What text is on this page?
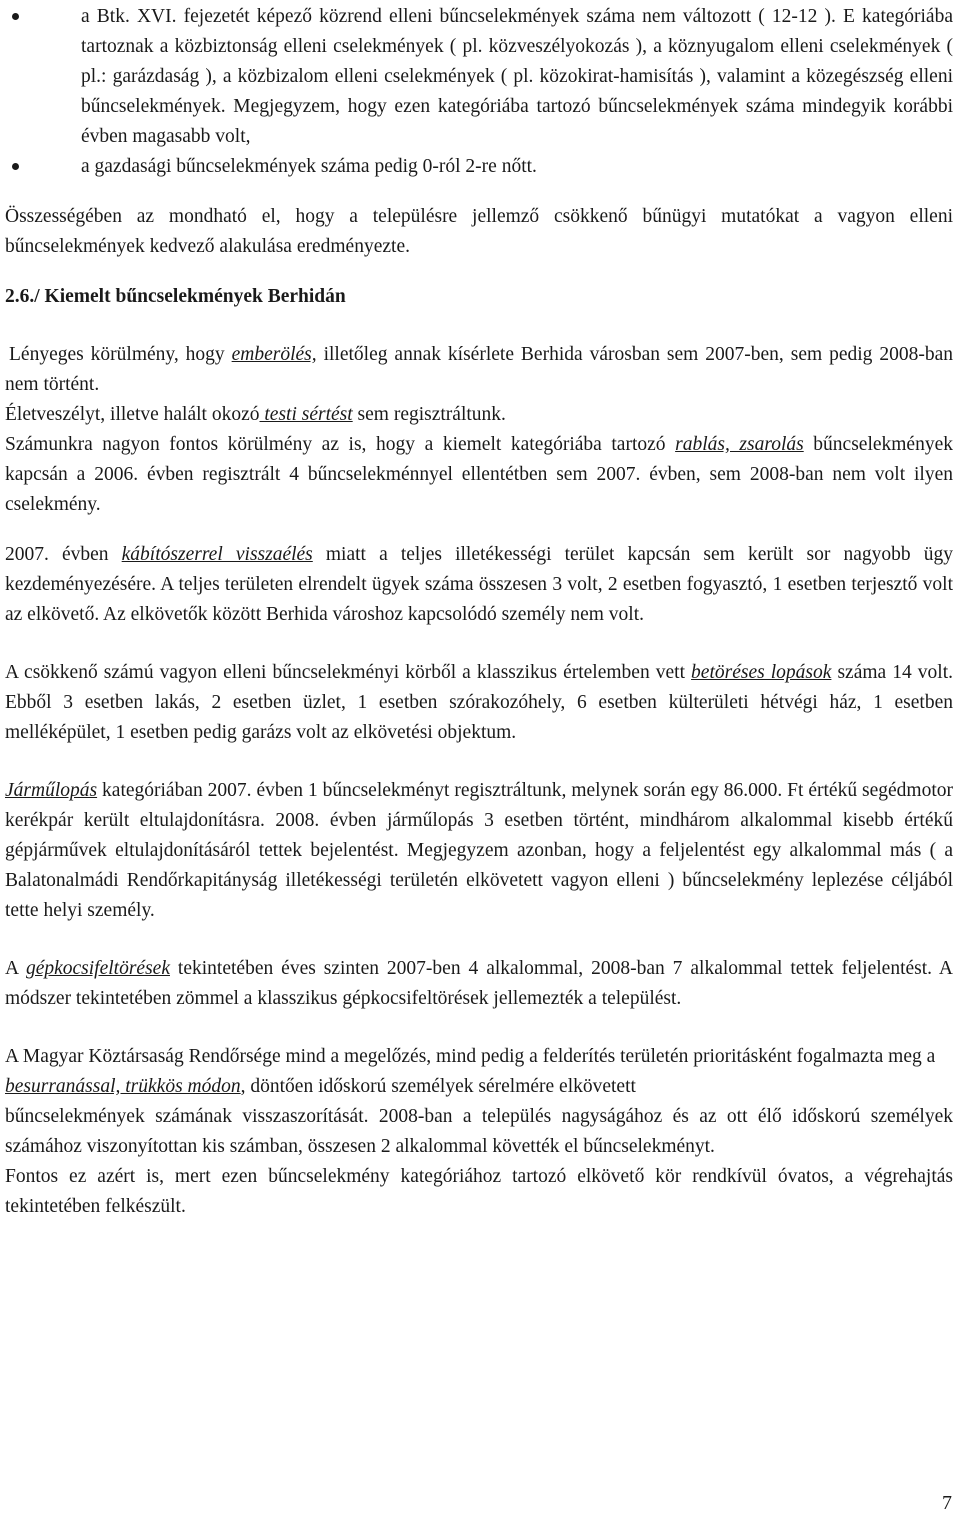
a Btk. XVI. fejezetét képező közrend elleni bűncselekmények száma nem változott ( 12-12 ). E kategóriába tartoznak a közbiztonság elleni cselekmények ( pl. közveszélyokozás ), a köznyugalom elleni cselekmények ( pl.: garázdaság ), a közbizalom elleni cselekmények ( pl. közokirat-hamisítás ), valamint a közegészség elleni bűncselekmények. Megjegyzem, hogy ezen kategóriába tartozó bűncselekmények száma mindegyik korábbi évben magasabb volt,
a gazdasági bűncselekmények száma pedig 0-ról 2-re nőtt.

Összességében az mondható el, hogy a településre jellemző csökkenő bűnügyi mutatókat a vagyon elleni bűncselekmények kedvező alakulása eredményezte.

2.6./ Kiemelt bűncselekmények Berhidán

Lényeges körülmény, hogy emberölés, illetőleg annak kísérlete Berhida városban sem 2007-ben, sem pedig 2008-ban nem történt.

Életveszélyt, illetve halált okozó testi sértést sem regisztráltunk.

Számunkra nagyon fontos körülmény az is, hogy a kiemelt kategóriába tartozó rablás, zsarolás bűncselekmények kapcsán a 2006. évben regisztrált 4 bűncselekménnyel ellentétben sem 2007. évben, sem 2008-ban nem volt ilyen cselekmény.

2007. évben kábítószerrel visszaélés miatt a teljes illetékességi terület kapcsán sem került sor nagyobb ügy kezdeményezésére. A teljes területen elrendelt ügyek száma összesen 3 volt, 2 esetben fogyasztó, 1 esetben terjesztő volt az elkövető. Az elkövetők között Berhida városhoz kapcsolódó személy nem volt.

A csökkenő számú vagyon elleni bűncselekményi körből a klasszikus értelemben vett betöréses lopások száma 14 volt. Ebből 3 esetben lakás, 2 esetben üzlet, 1 esetben szórakozóhely, 6 esetben külterületi hétvégi ház, 1 esetben melléképület, 1 esetben pedig garázs volt az elkövetési objektum.

Járműlopás kategóriában 2007. évben 1 bűncselekményt regisztráltunk, melynek során egy 86.000. Ft értékű segédmotor kerékpár került eltulajdonításra. 2008. évben járműlopás 3 esetben történt, mindhárom alkalommal kisebb értékű gépjárművek eltulajdonításáról tettek bejelentést. Megjegyzem azonban, hogy a feljelentést egy alkalommal más ( a Balatonalmádi Rendőrkapitányság illetékességi területén elkövetett vagyon elleni ) bűncselekmény leplezése céljából tette helyi személy.

A gépkocsifeltörések tekintetében éves szinten 2007-ben 4 alkalommal, 2008-ban 7 alkalommal tettek feljelentést. A módszer tekintetében zömmel a klasszikus gépkocsifeltörések jellemezték a települést.

A Magyar Köztársaság Rendőrsége mind a megelőzés, mind pedig a felderítés területén prioritásként fogalmazta meg a besurranással, trükkös módon, döntően időskorú személyek sérelmére elkövetett

bűncselekmények számának visszaszorítását. 2008-ban a település nagyságához és az ott élő időskorú személyek számához viszonyítottan kis számban, összesen 2 alkalommal követték el bűncselekményt.

Fontos ez azért is, mert ezen bűncselekmény kategóriához tartozó elkövető kör rendkívül óvatos, a végrehajtás tekintetében felkészült.

7
